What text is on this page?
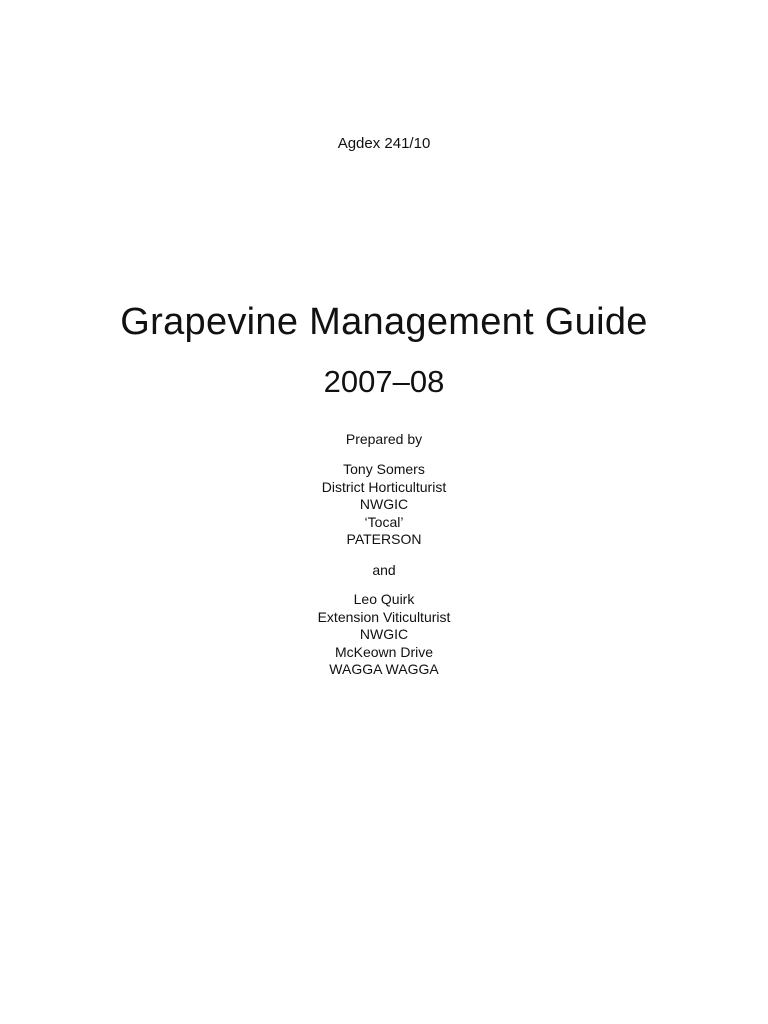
Agdex 241/10
Grapevine Management Guide
2007–08
Prepared by
Tony Somers
District Horticulturist
NWGIC
‘Tocal’
PATERSON
and
Leo Quirk
Extension Viticulturist
NWGIC
McKeown Drive
WAGGA WAGGA
